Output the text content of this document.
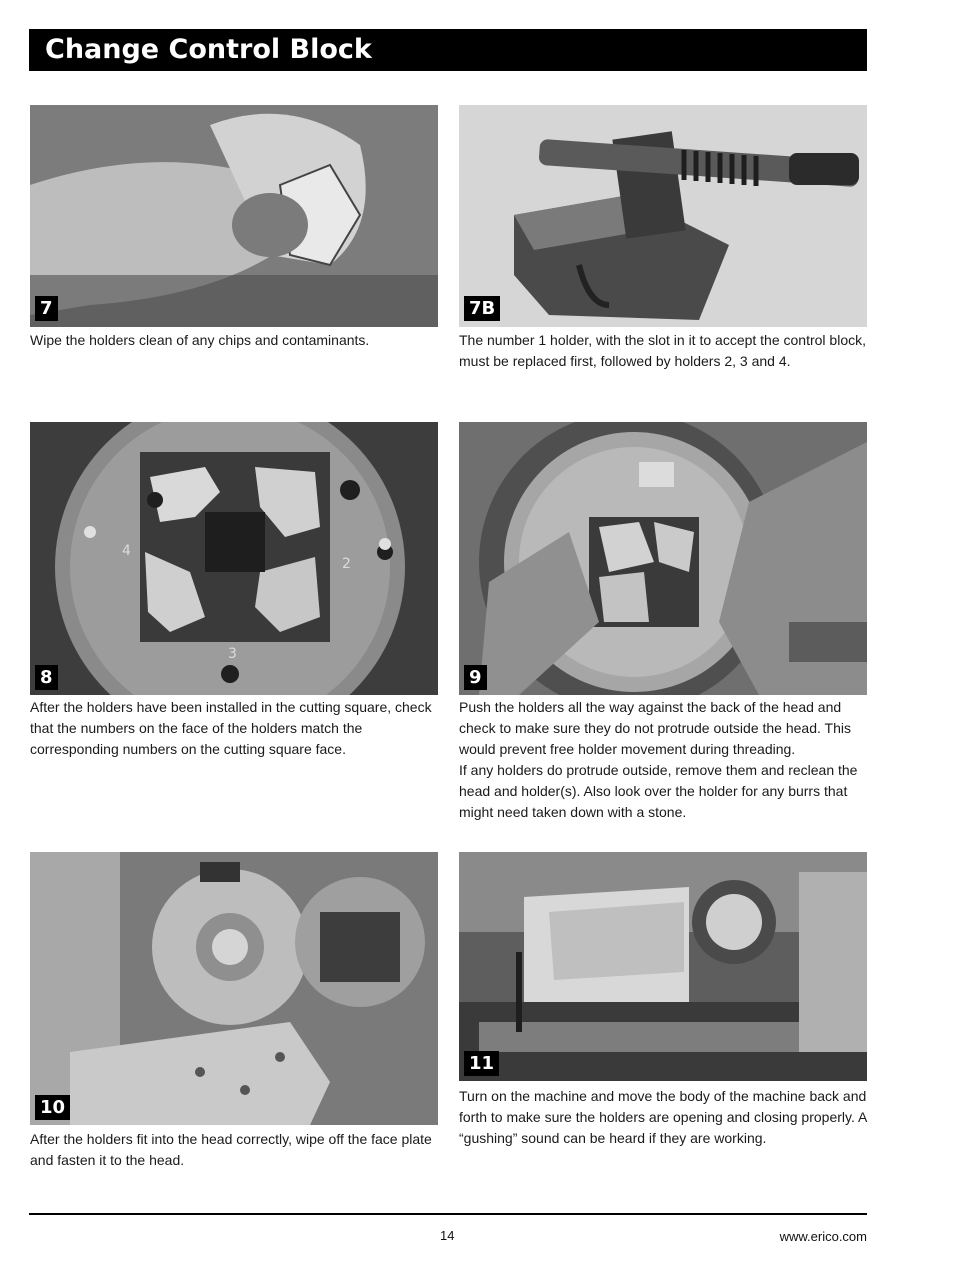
Change Control Block
7

Wipe the holders clean of any chips and contaminants.

7B

The number 1 holder, with the slot in it to accept the control block, must be replaced first, followed by holders 2, 3 and 4.

4
2
3
8

After the holders have been installed in the cutting square, check that the numbers on the face of the holders match the corresponding numbers on the cutting square face.

9

Push the holders all the way against the back of the head and check to make sure they do not protrude outside the head. This would prevent free holder movement during threading.

If any holders do protrude outside, remove them and reclean the head and holder(s). Also look over the holder for any burrs that might need taken down with a stone.

10

After the holders fit into the head correctly, wipe off the face plate and fasten it to the head.

11

Turn on the machine and move the body of the machine back and forth to make sure the holders are opening and closing properly. A “gushing” sound can be heard if they are working.

14	www.erico.com
